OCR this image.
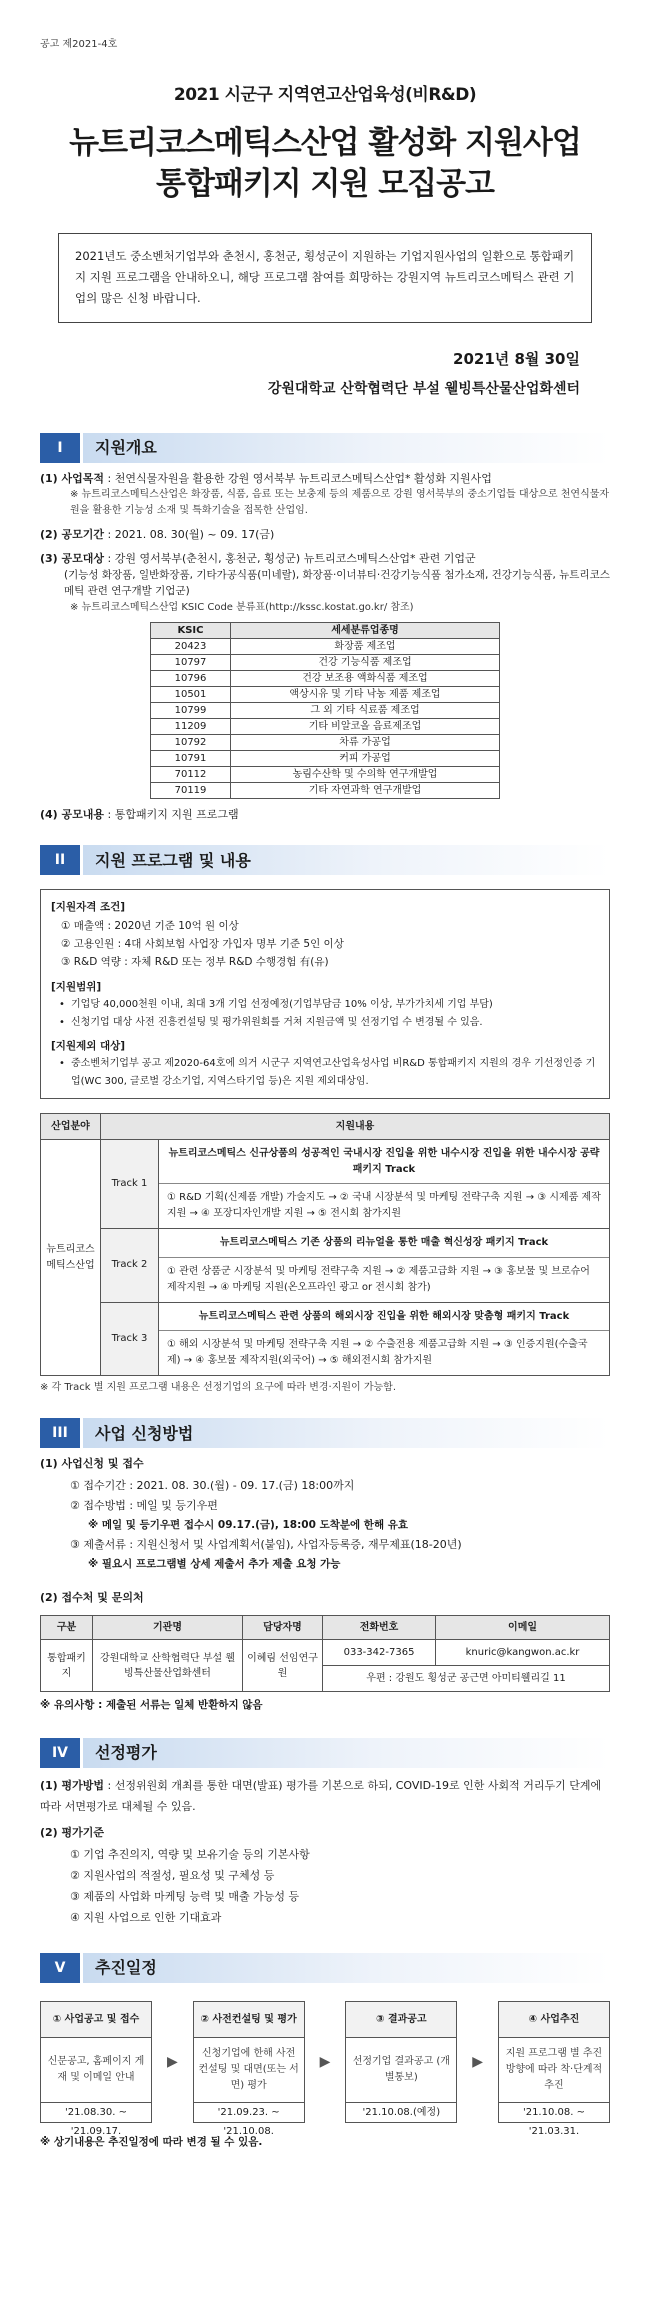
공고 제2021-4호
2021 시군구 지역연고산업육성(비R&D)
뉴트리코스메틱스산업 활성화 지원사업
통합패키지 지원 모집공고
2021년도 중소벤처기업부와 춘천시, 홍천군, 횡성군이 지원하는 기업지원사업의 일환으로 통합패키지 지원 프로그램을 안내하오니, 해당 프로그램 참여를 희망하는 강원지역 뉴트리코스메틱스 관련 기업의 많은 신청 바랍니다.
2021년 8월 30일
강원대학교 산학협력단 부설 웰빙특산물산업화센터
I	지원개요
(1) 사업목적 : 천연식물자원을 활용한 강원 영서북부 뉴트리코스메틱스산업* 활성화 지원사업
※ 뉴트리코스메틱스산업은 화장품, 식품, 음료 또는 보충제 등의 제품으로 강원 영서북부의 중소기업들 대상으로 천연식물자원을 활용한 기능성 소재 및 특화기술을 접목한 산업임.
(2) 공모기간 : 2021. 08. 30(월) ~ 09. 17(금)
(3) 공모대상 : 강원 영서북부(춘천시, 홍천군, 횡성군) 뉴트리코스메틱스산업* 관련 기업군
(기능성 화장품, 일반화장품, 기타가공식품(미네랄), 화장품·이너뷰티·건강기능식품 첨가소재, 건강기능식품, 뉴트리코스메틱 관련 연구개발 기업군)
※ 뉴트리코스메틱스산업 KSIC Code 분류표(http://kssc.kostat.go.kr/ 참조)
KSIC	세세분류업종명
20423	화장품 제조업
10797	건강 기능식품 제조업
10796	건강 보조용 액화식품 제조업
10501	액상시유 및 기타 낙농 제품 제조업
10799	그 외 기타 식료품 제조업
11209	기타 비알코올 음료제조업
10792	차류 가공업
10791	커피 가공업
70112	농림수산학 및 수의학 연구개발업
70119	기타 자연과학 연구개발업
(4) 공모내용 : 통합패키지 지원 프로그램
II	지원 프로그램 및 내용
[지원자격 조건]
① 매출액 : 2020년 기준 10억 원 이상
② 고용인원 : 4대 사회보험 사업장 가입자 명부 기준 5인 이상
③ R&D 역량 : 자체 R&D 또는 정부 R&D 수행경험 有(유)
[지원범위]
• 기업당 40,000천원 이내, 최대 3개 기업 선정예정(기업부담금 10% 이상, 부가가치세 기업 부담)
• 신청기업 대상 사전 진흥컨설팅 및 평가위원회를 거쳐 지원금액 및 선정기업 수 변경될 수 있음.
[지원제외 대상]
• 중소벤처기업부 공고 제2020-64호에 의거 시군구 지역연고산업육성사업 비R&D 통합패키지 지원의 경우 기선정인증 기업(WC 300, 글로벌 강소기업, 지역스타기업 등)은 지원 제외대상임.
산업분야	지원내용	
뉴트리코스메틱스산업	Track 1	뉴트리코스메틱스 신규상품의 성공적인 국내시장 진입을 위한 내수시장 진입을 위한 내수시장 공략 패키지 Track
① R&D 기획(신제품 개발) 가술지도 → ② 국내 시장분석 및 마케팅 전략구축 지원 → ③ 시제품 제작지원 → ④ 포장디자인개발 지원 → ⑤ 전시회 참가지원

	Track 2	뉴트리코스메틱스 기존 상품의 리뉴얼을 통한 매출 혁신성장 패키지 Track
① 관련 상품군 시장분석 및 마케팅 전략구축 지원 → ② 제품고급화 지원 → ③ 홍보물 및 브로슈어 제작지원 → ④ 마케팅 지원(온오프라인 광고 or 전시회 참가)

	Track 3	뉴트리코스메틱스 관련 상품의 해외시장 진입을 위한 해외시장 맞춤형 패키지 Track
① 해외 시장분석 및 마케팅 전략구축 지원 → ② 수출전용 제품고급화 지원 → ③ 인증지원(수출국제) → ④ 홍보물 제작지원(외국어) → ⑤ 해외전시회 참가지원
※ 각 Track 별 지원 프로그램 내용은 선정기업의 요구에 따라 변경·지원이 가능함.
III	사업 신청방법
(1) 사업신청 및 접수
① 접수기간 : 2021. 08. 30.(월) - 09. 17.(금) 18:00까지
② 접수방법 : 메일 및 등기우편
※ 메일 및 등기우편 접수시 09.17.(금), 18:00 도착분에 한해 유효
③ 제출서류 : 지원신청서 및 사업계획서(붙임), 사업자등록증, 재무제표(18-20년)
※ 필요시 프로그램별 상세 제출서 추가 제출 요청 가능
(2) 접수처 및 문의처
구분	기관명	담당자명	전화번호	이메일
통합패키지	강원대학교 산학협력단 부설 웰빙특산물산업화센터	이혜림 선임연구원	033-342-7365	knuric@kangwon.ac.kr
			우편 : 강원도 횡성군 공근면 아미티웰리길 11	
※ 유의사항 : 제출된 서류는 일체 반환하지 않음
IV	선정평가
(1) 평가방법 : 선정위원회 개최를 통한 대면(발표) 평가를 기본으로 하되, COVID-19로 인한 사회적 거리두기 단계에 따라 서면평가로 대체될 수 있음.
(2) 평가기준
① 기업 추진의지, 역량 및 보유기술 등의 기본사항
② 지원사업의 적절성, 필요성 및 구체성 등
③ 제품의 사업화 마케팅 능력 및 매출 가능성 등
④ 지원 사업으로 인한 기대효과
V	추진일정
① 사업공고 및 접수
신문공고, 홈페이지 게재 및 이메일 안내
'21.08.30. ~ '21.09.17.
▶
② 사전컨설팅 및 평가
신청기업에 한해 사전컨설팅 및 대면(또는 서면) 평가
'21.09.23. ~ '21.10.08.
▶
③ 결과공고
선정기업 결과공고 (개별통보)
'21.10.08.(예정)
▶
④ 사업추진
지원 프로그램 별 추진방향에 따라 착·단계적 추진
'21.10.08. ~ '21.03.31.
※ 상기내용은 추진일정에 따라 변경 될 수 있음.
